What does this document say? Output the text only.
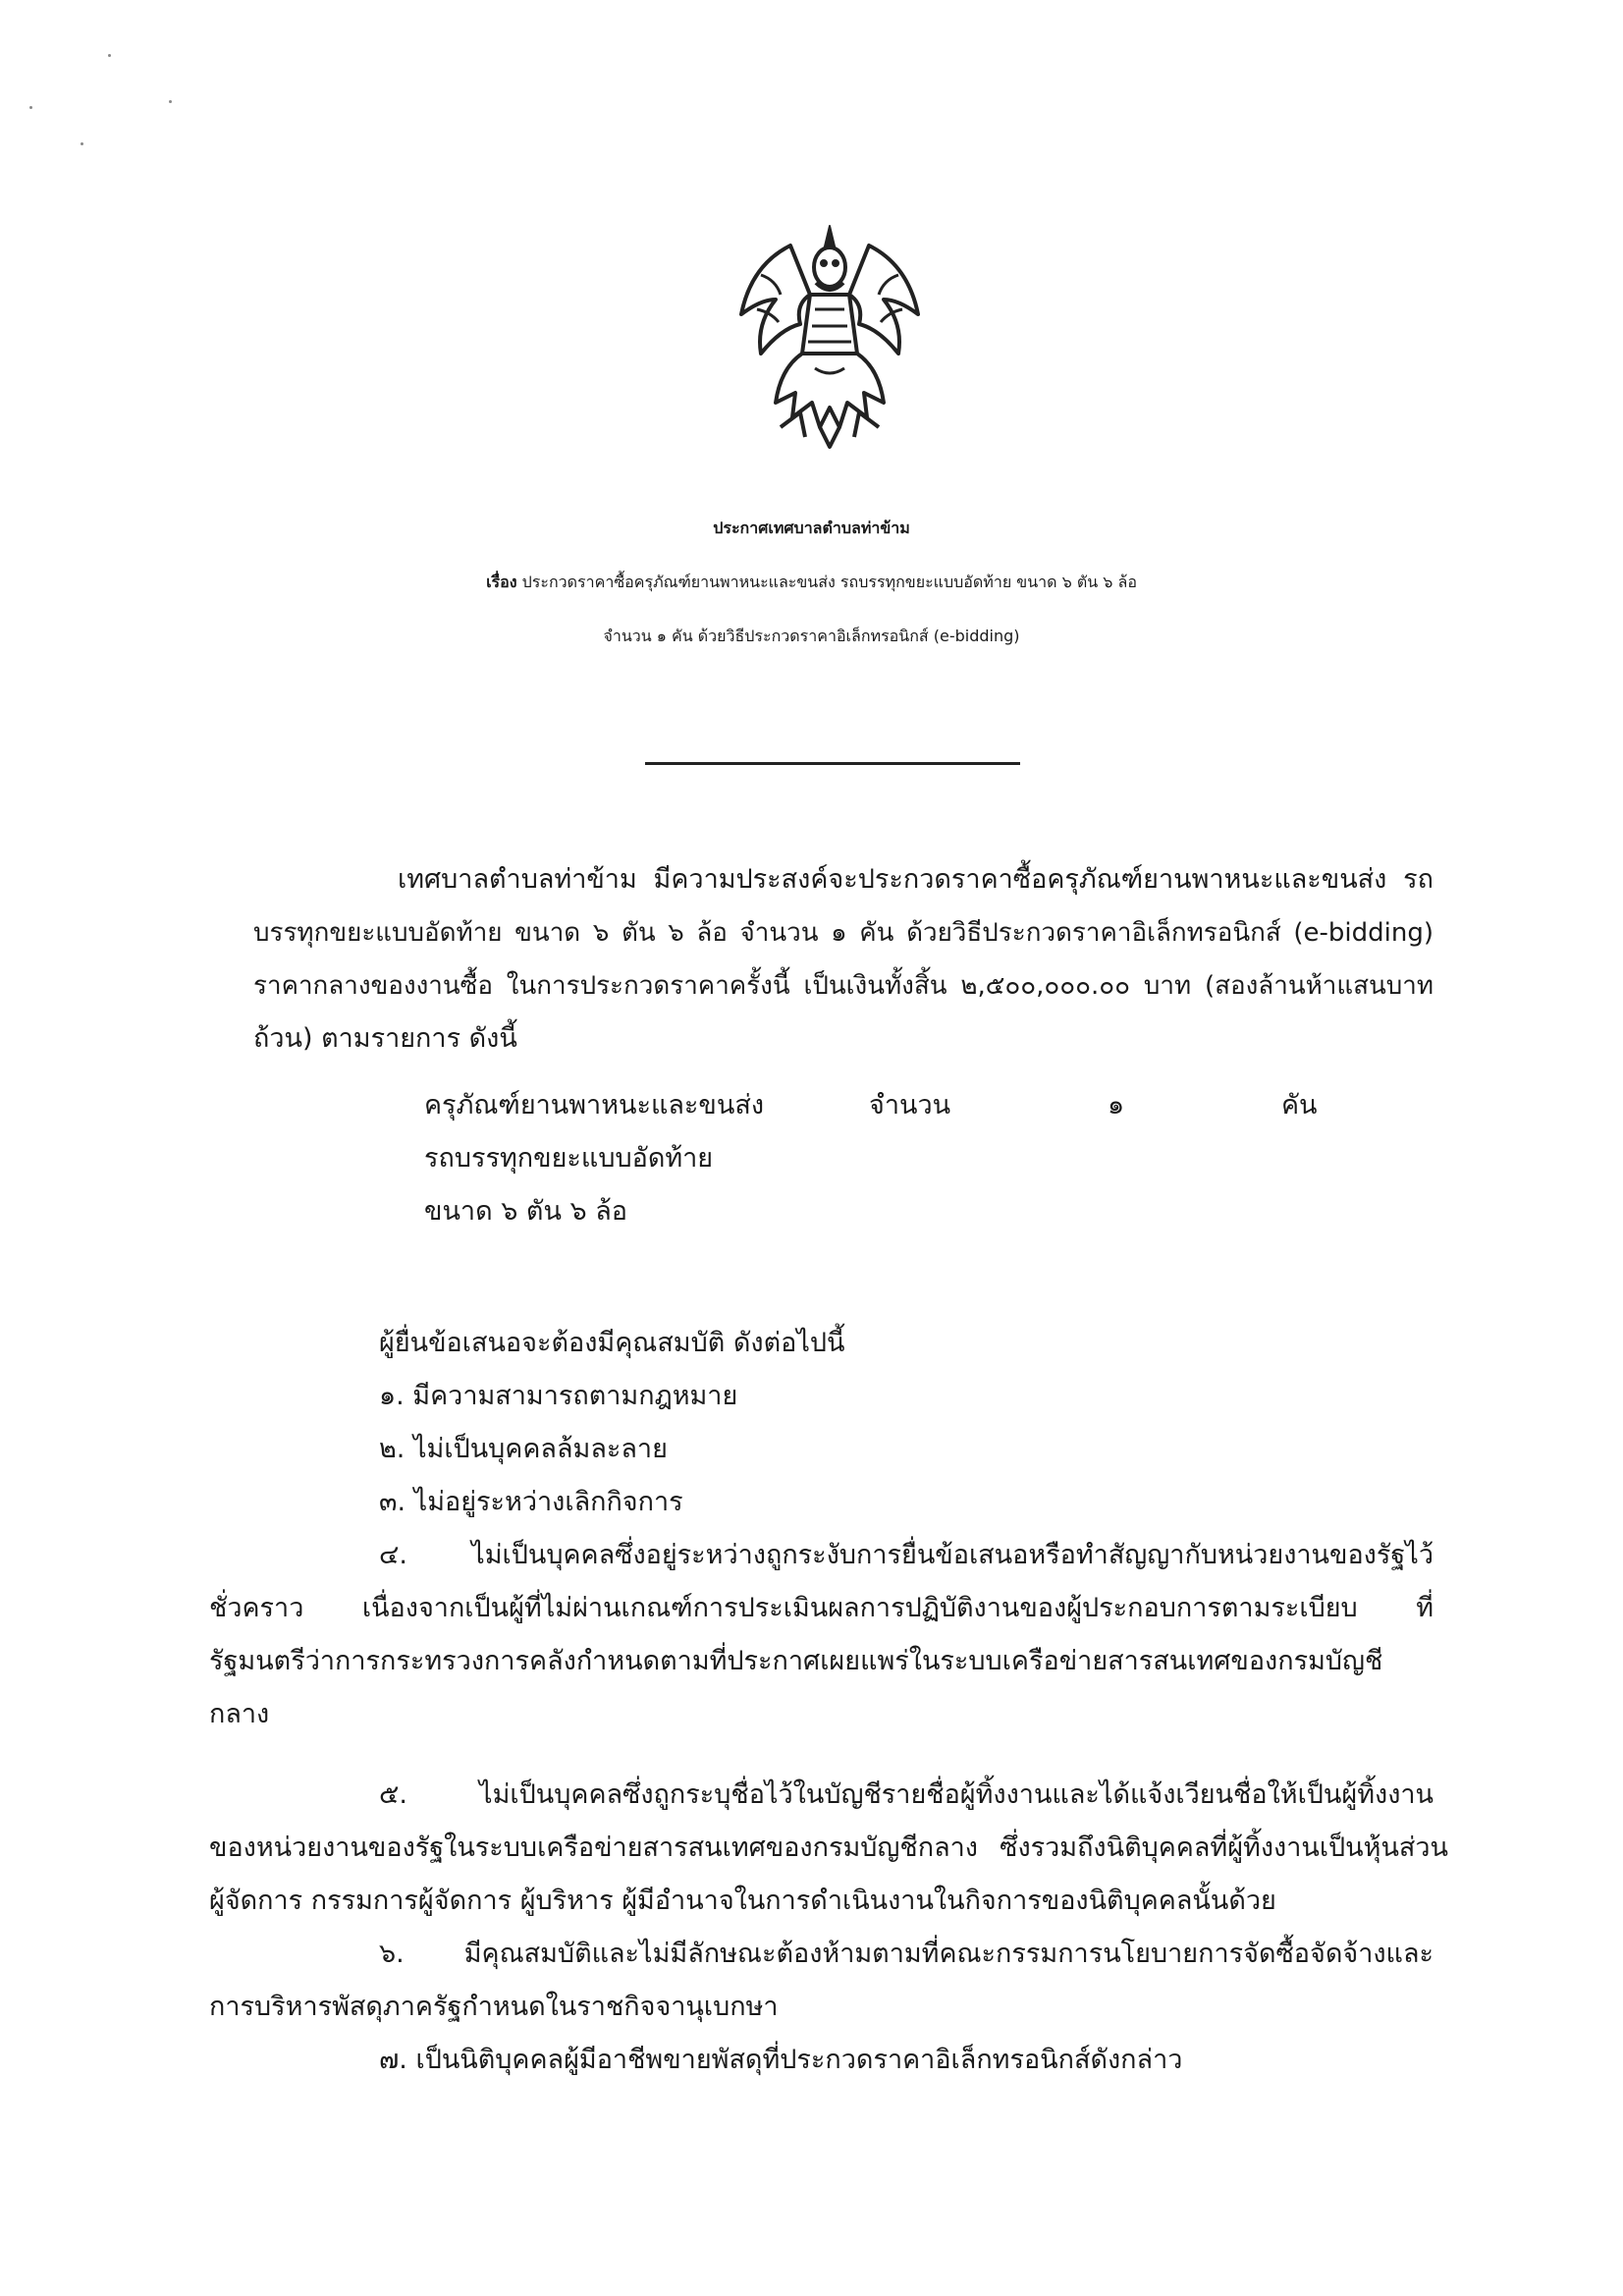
ประกาศเทศบาลตำบลท่าข้าม
เรื่อง ประกวดราคาซื้อครุภัณฑ์ยานพาหนะและขนส่ง รถบรรทุกขยะแบบอัดท้าย ขนาด ๖ ตัน ๖ ล้อ
จำนวน ๑ คัน ด้วยวิธีประกวดราคาอิเล็กทรอนิกส์ (e-bidding)
เทศบาลตำบลท่าข้าม มีความประสงค์จะประกวดราคาซื้อครุภัณฑ์ยานพาหนะและขนส่ง รถ
บรรทุกขยะแบบอัดท้าย ขนาด ๖ ตัน ๖ ล้อ จำนวน ๑ คัน ด้วยวิธีประกวดราคาอิเล็กทรอนิกส์ (e-bidding)
ราคากลางของงานซื้อ ในการประกวดราคาครั้งนี้ เป็นเงินทั้งสิ้น ๒,๕๐๐,๐๐๐.๐๐ บาท (สองล้านห้าแสนบาท
ถ้วน) ตามรายการ ดังนี้
ครุภัณฑ์ยานพาหนะและขนส่ง
รถบรรทุกขยะแบบอัดท้าย
ขนาด ๖ ตัน ๖ ล้อ
จำนวน	๑	คัน
ผู้ยื่นข้อเสนอจะต้องมีคุณสมบัติ ดังต่อไปนี้
๑. มีความสามารถตามกฎหมาย
๒. ไม่เป็นบุคคลล้มละลาย
๓. ไม่อยู่ระหว่างเลิกกิจการ
๔. ไม่เป็นบุคคลซึ่งอยู่ระหว่างถูกระงับการยื่นข้อเสนอหรือทำสัญญากับหน่วยงานของรัฐไว้
ชั่วคราว เนื่องจากเป็นผู้ที่ไม่ผ่านเกณฑ์การประเมินผลการปฏิบัติงานของผู้ประกอบการตามระเบียบ ที่
รัฐมนตรีว่าการกระทรวงการคลังกำหนดตามที่ประกาศเผยแพร่ในระบบเครือข่ายสารสนเทศของกรมบัญชี
กลาง
๕. ไม่เป็นบุคคลซึ่งถูกระบุชื่อไว้ในบัญชีรายชื่อผู้ทิ้งงานและได้แจ้งเวียนชื่อให้เป็นผู้ทิ้งงาน
ของหน่วยงานของรัฐในระบบเครือข่ายสารสนเทศของกรมบัญชีกลาง ซึ่งรวมถึงนิติบุคคลที่ผู้ทิ้งงานเป็นหุ้นส่วน
ผู้จัดการ กรรมการผู้จัดการ ผู้บริหาร ผู้มีอำนาจในการดำเนินงานในกิจการของนิติบุคคลนั้นด้วย
๖. มีคุณสมบัติและไม่มีลักษณะต้องห้ามตามที่คณะกรรมการนโยบายการจัดซื้อจัดจ้างและ
การบริหารพัสดุภาครัฐกำหนดในราชกิจจานุเบกษา
๗. เป็นนิติบุคคลผู้มีอาชีพขายพัสดุที่ประกวดราคาอิเล็กทรอนิกส์ดังกล่าว
